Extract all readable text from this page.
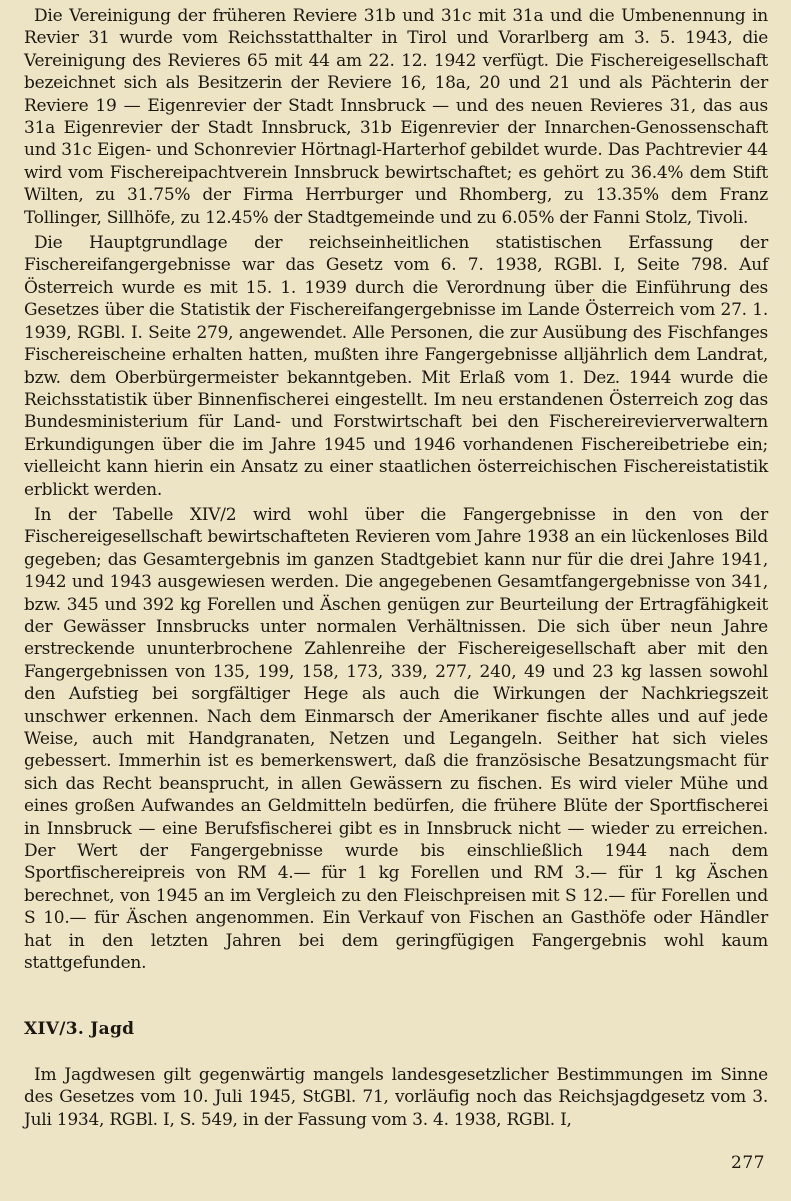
Die Vereinigung der früheren Reviere 31b und 31c mit 31a und die Umbenennung in Revier 31 wurde vom Reichsstatthalter in Tirol und Vorarlberg am 3. 5. 1943, die Vereinigung des Revieres 65 mit 44 am 22. 12. 1942 verfügt. Die Fischereigesellschaft bezeichnet sich als Besitzerin der Reviere 16, 18a, 20 und 21 und als Pächterin der Reviere 19 — Eigenrevier der Stadt Innsbruck — und des neuen Revieres 31, das aus 31a Eigenrevier der Stadt Innsbruck, 31b Eigenrevier der Innarchen-Genossenschaft und 31c Eigen- und Schonrevier Hörtnagl-Harterhof gebildet wurde. Das Pachtrevier 44 wird vom Fischereipachtverein Innsbruck bewirtschaftet; es gehört zu 36.4% dem Stift Wilten, zu 31.75% der Firma Herrburger und Rhomberg, zu 13.35% dem Franz Tollinger, Sillhöfe, zu 12.45% der Stadtgemeinde und zu 6.05% der Fanni Stolz, Tivoli.

Die Hauptgrundlage der reichseinheitlichen statistischen Erfassung der Fischereifangergebnisse war das Gesetz vom 6. 7. 1938, RGBl. I, Seite 798. Auf Österreich wurde es mit 15. 1. 1939 durch die Verordnung über die Einführung des Gesetzes über die Statistik der Fischereifangergebnisse im Lande Österreich vom 27. 1. 1939, RGBl. I. Seite 279, angewendet. Alle Personen, die zur Ausübung des Fischfanges Fischereischeine erhalten hatten, mußten ihre Fangergebnisse alljährlich dem Landrat, bzw. dem Oberbürgermeister bekanntgeben. Mit Erlaß vom 1. Dez. 1944 wurde die Reichsstatistik über Binnenfischerei eingestellt. Im neu erstandenen Österreich zog das Bundesministerium für Land- und Forstwirtschaft bei den Fischereirevierverwaltern Erkundigungen über die im Jahre 1945 und 1946 vorhandenen Fischereibetriebe ein; vielleicht kann hierin ein Ansatz zu einer staatlichen österreichischen Fischereistatistik erblickt werden.

In der Tabelle XIV/2 wird wohl über die Fangergebnisse in den von der Fischereigesellschaft bewirtschafteten Revieren vom Jahre 1938 an ein lückenloses Bild gegeben; das Gesamtergebnis im ganzen Stadtgebiet kann nur für die drei Jahre 1941, 1942 und 1943 ausgewiesen werden. Die angegebenen Gesamtfangergebnisse von 341, bzw. 345 und 392 kg Forellen und Äschen genügen zur Beurteilung der Ertragfähigkeit der Gewässer Innsbrucks unter normalen Verhältnissen. Die sich über neun Jahre erstreckende ununterbrochene Zahlenreihe der Fischereigesellschaft aber mit den Fangergebnissen von 135, 199, 158, 173, 339, 277, 240, 49 und 23 kg lassen sowohl den Aufstieg bei sorgfältiger Hege als auch die Wirkungen der Nachkriegszeit unschwer erkennen. Nach dem Einmarsch der Amerikaner fischte alles und auf jede Weise, auch mit Handgranaten, Netzen und Legangeln. Seither hat sich vieles gebessert. Immerhin ist es bemerkenswert, daß die französische Besatzungsmacht für sich das Recht beansprucht, in allen Gewässern zu fischen. Es wird vieler Mühe und eines großen Aufwandes an Geldmitteln bedürfen, die frühere Blüte der Sportfischerei in Innsbruck — eine Berufsfischerei gibt es in Innsbruck nicht — wieder zu erreichen. Der Wert der Fangergebnisse wurde bis einschließlich 1944 nach dem Sportfischereipreis von RM 4.— für 1 kg Forellen und RM 3.— für 1 kg Äschen berechnet, von 1945 an im Vergleich zu den Fleischpreisen mit S 12.— für Forellen und S 10.— für Äschen angenommen. Ein Verkauf von Fischen an Gasthöfe oder Händler hat in den letzten Jahren bei dem geringfügigen Fangergebnis wohl kaum stattgefunden.

XIV/3. Jagd

Im Jagdwesen gilt gegenwärtig mangels landesgesetzlicher Bestimmungen im Sinne des Gesetzes vom 10. Juli 1945, StGBl. 71, vorläufig noch das Reichsjagdgesetz vom 3. Juli 1934, RGBl. I, S. 549, in der Fassung vom 3. 4. 1938, RGBl. I,

277
